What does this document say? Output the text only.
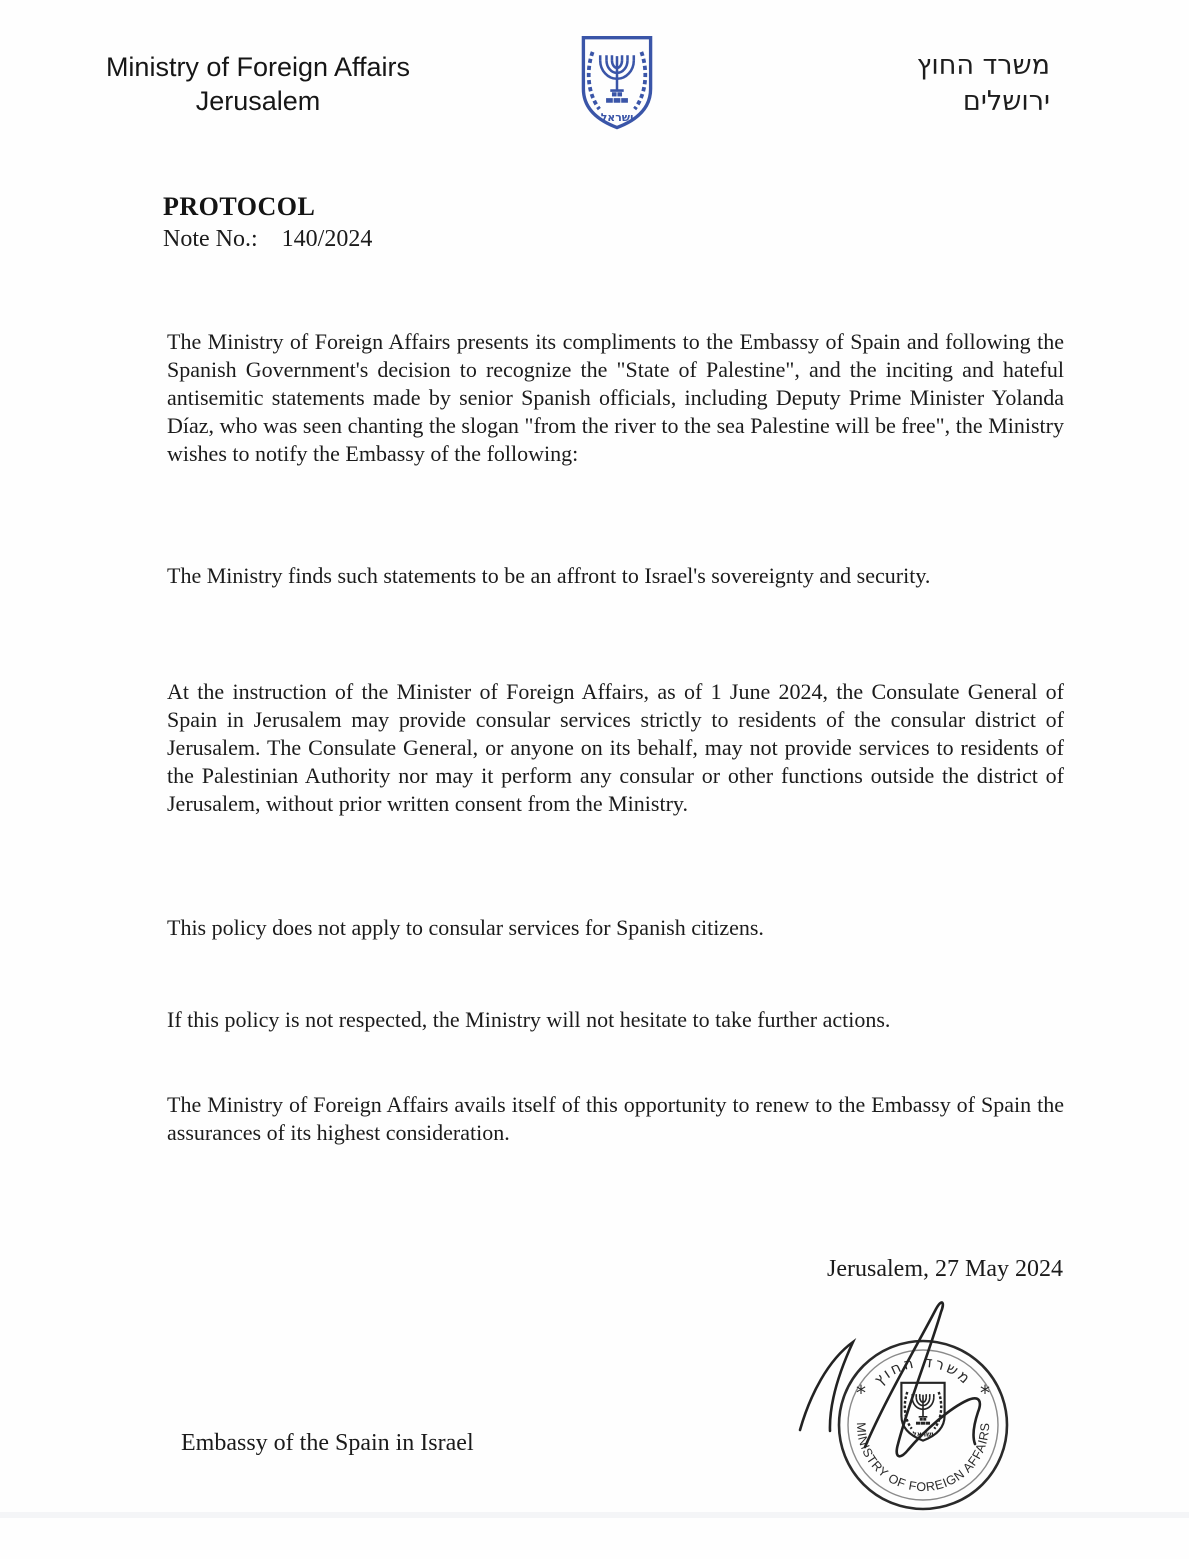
Ministry of Foreign Affairs
Jerusalem
משרד החוץ
ירושלים
PROTOCOL
Note No.: 140/2024

The Ministry of Foreign Affairs presents its compliments to the Embassy of Spain and following the Spanish Government's decision to recognize the "State of Palestine", and the inciting and hateful antisemitic statements made by senior Spanish officials, including Deputy Prime Minister Yolanda Díaz, who was seen chanting the slogan "from the river to the sea Palestine will be free", the Ministry wishes to notify the Embassy of the following:

The Ministry finds such statements to be an affront to Israel's sovereignty and security.

At the instruction of the Minister of Foreign Affairs, as of 1 June 2024, the Consulate General of Spain in Jerusalem may provide consular services strictly to residents of the consular district of Jerusalem. The Consulate General, or anyone on its behalf, may not provide services to residents of the Palestinian Authority nor may it perform any consular or other functions outside the district of Jerusalem, without prior written consent from the Ministry.

This policy does not apply to consular services for Spanish citizens.

If this policy is not respected, the Ministry will not hesitate to take further actions.

The Ministry of Foreign Affairs avails itself of this opportunity to renew to the Embassy of Spain the assurances of its highest consideration.

Jerusalem, 27 May 2024
Embassy of the Spain in Israel
משרד החוץ
MINISTRY OF FOREIGN AFFAIRS
*	*
